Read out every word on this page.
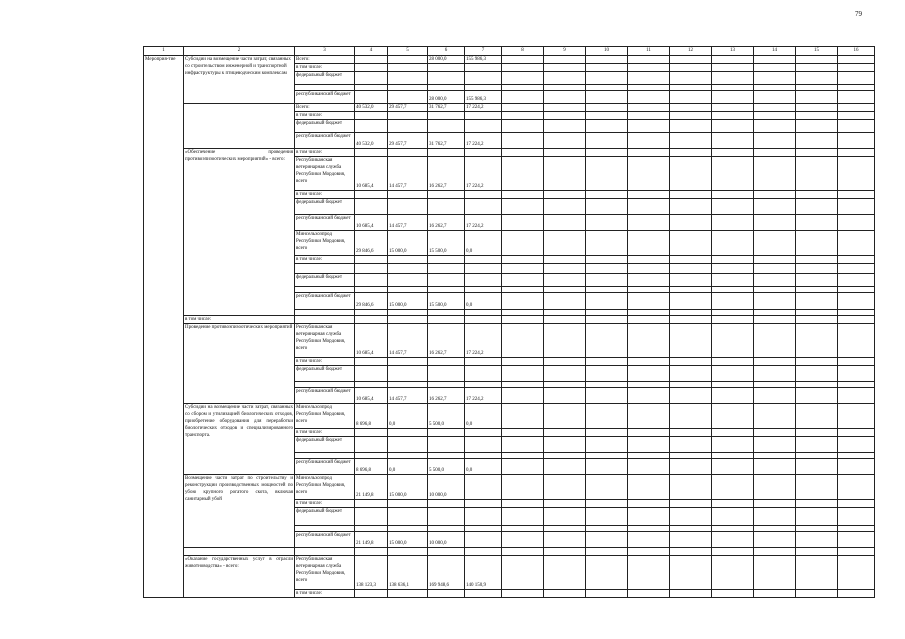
79
1	2	3	4	5	6	7	8	9	10	11	12	13	14	15	16
Мероприя-тие	Субсидии на возмещение части затрат, связанных со строительством инженерной и транспортной инфраструктуры к птицеводческим комплексам	Всего:			28 000,0	155 986,3									
		в том числе:													
		федеральный бюджет													

		республиканский бюджет			28 000,0	155 986,3									
		Всего:	40 532,0	29 457,7	31 762,7	17 224,2									
		в том числе:													
		федеральный бюджет													
		республиканский бюджет	40 532,0	29 457,7	31 762,7	17 224,2									
	«Обеспечение проведения противоэпизоотических мероприятий» - всего:	в том числе:													
		Республиканская ветеринарная служба Республики Мордовия, всего	10 685,4	14 457,7	16 262,7	17 224,2									
		в том числе:													
		федеральный бюджет													
		республиканский бюджет	10 685,4	14 457,7	16 262,7	17 224,2									
		Минсельхозпрод Республики Мордовия, всего	29 846,6	15 000,0	15 500,0	0,0									
		в том числе:													

		федеральный бюджет													

		республиканский бюджет	29 846,6	15 000,0	15 500,0	0,0									

	в том числе:														
	Проведение противоэпизоотических мероприятий	Республиканская ветеринарная служба Республики Мордовия, всего	10 685,4	14 457,7	16 262,7	17 224,2									
		в том числе:													
		федеральный бюджет													

		республиканский бюджет	10 685,4	14 457,7	16 262,7	17 224,2									
	Субсидии на возмещение части затрат, связанных со сбором и утилизацией биологических отходов, приобретение оборудования для переработки биологических отходов и специализированного транспорта.	Минсельхозпрод Республики Мордовия, всего	8 696,8	0,0	5 500,0	0,0									
		в том числе:													
		федеральный бюджет													

		республиканский бюджет	8 696,8	0,0	5 500,0	0,0									
	Возмещение части затрат по строительству и реконструкции производственных мощностей по убою крупного рогатого скота, включая санитарный убой	Минсельхозпрод Республики Мордовия, всего	21 149,8	15 000,0	10 000,0										
		в том числе:													
		федеральный бюджет													

		республиканский бюджет	21 149,8	15 000,0	10 000,0										

	«Оказание государственных услуг в отрасли животноводства» - всего:	Республиканская ветеринарная служба Республики Мордовия, всего	138 123,3	138 636,1	169 948,6	140 150,9									
		в том числе:													
